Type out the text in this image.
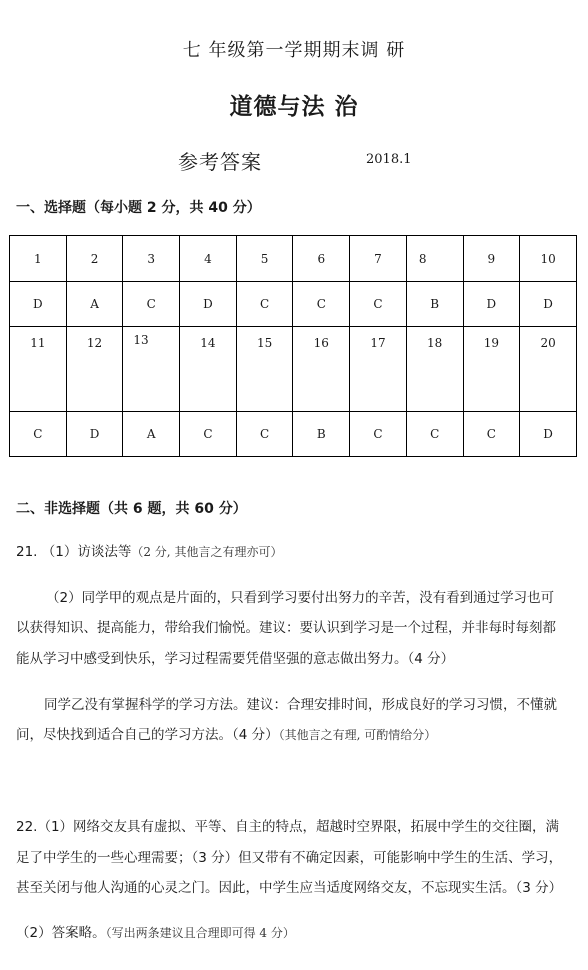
七 年级第一学期期末调 研
道德与法 治
参考答案	2018.1
一、选择题（每小题 2 分，共 40 分）
1	2	3	4	5	6	7	8	9	10
D	A	C	D	C	C	C	B	D	D
11	12	13	14	15	16	17	18	19	20
C	D	A	C	C	B	C	C	C	D
二、非选择题（共 6 题，共 60 分）
21. （1）访谈法等（2 分, 其他言之有理亦可）
（2）同学甲的观点是片面的，只看到学习要付出努力的辛苦，没有看到通过学习也可
以获得知识、提高能力，带给我们愉悦。建议：要认识到学习是一个过程，并非每时每刻都
能从学习中感受到快乐，学习过程需要凭借坚强的意志做出努力。（4 分）
同学乙没有掌握科学的学习方法。建议：合理安排时间，形成良好的学习习惯，不懂就
问，尽快找到适合自己的学习方法。（4 分）（其他言之有理, 可酌情给分）
22.（1）网络交友具有虚拟、平等、自主的特点，超越时空界限，拓展中学生的交往圈，满
足了中学生的一些心理需要；（3 分）但又带有不确定因素，可能影响中学生的生活、学习，
甚至关闭与他人沟通的心灵之门。因此，中学生应当适度网络交友，不忘现实生活。（3 分）
（2）答案略。（写出两条建议且合理即可得 4 分）
